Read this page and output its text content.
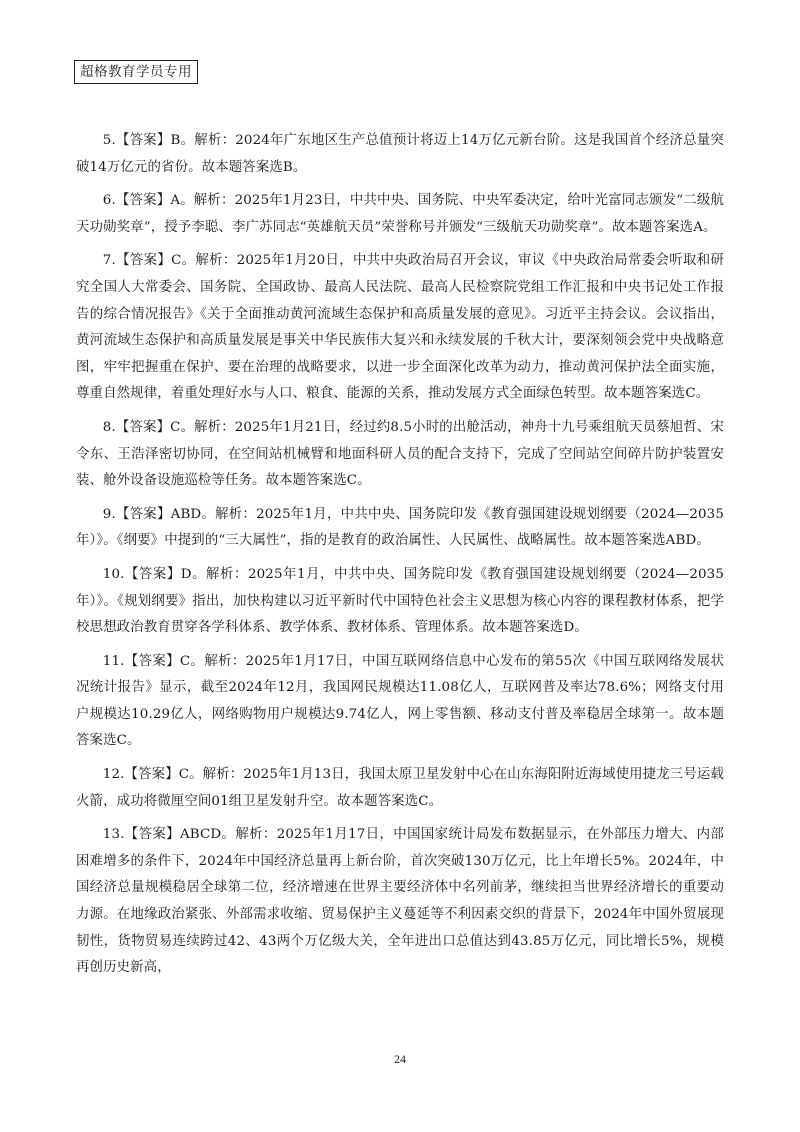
超格教育学员专用

5.【答案】B。解析：2024年广东地区生产总值预计将迈上14万亿元新台阶。这是我国首个经济总量突破14万亿元的省份。故本题答案选B。

6.【答案】A。解析：2025年1月23日，中共中央、国务院、中央军委决定，给叶光富同志颁发“二级航天功勋奖章”，授予李聪、李广苏同志“英雄航天员”荣誉称号并颁发“三级航天功勋奖章”。故本题答案选A。

7.【答案】C。解析：2025年1月20日，中共中央政治局召开会议，审议《中央政治局常委会听取和研究全国人大常委会、国务院、全国政协、最高人民法院、最高人民检察院党组工作汇报和中央书记处工作报告的综合情况报告》《关于全面推动黄河流域生态保护和高质量发展的意见》。习近平主持会议。会议指出，黄河流域生态保护和高质量发展是事关中华民族伟大复兴和永续发展的千秋大计，要深刻领会党中央战略意图，牢牢把握重在保护、要在治理的战略要求，以进一步全面深化改革为动力，推动黄河保护法全面实施，尊重自然规律，着重处理好水与人口、粮食、能源的关系，推动发展方式全面绿色转型。故本题答案选C。

8.【答案】C。解析：2025年1月21日，经过约8.5小时的出舱活动，神舟十九号乘组航天员蔡旭哲、宋令东、王浩泽密切协同，在空间站机械臂和地面科研人员的配合支持下，完成了空间站空间碎片防护装置安装、舱外设备设施巡检等任务。故本题答案选C。

9.【答案】ABD。解析：2025年1月，中共中央、国务院印发《教育强国建设规划纲要（2024—2035年）》。《纲要》中提到的“三大属性”，指的是教育的政治属性、人民属性、战略属性。故本题答案选ABD。

10.【答案】D。解析：2025年1月，中共中央、国务院印发《教育强国建设规划纲要（2024—2035年）》。《规划纲要》指出，加快构建以习近平新时代中国特色社会主义思想为核心内容的课程教材体系，把学校思想政治教育贯穿各学科体系、教学体系、教材体系、管理体系。故本题答案选D。

11.【答案】C。解析：2025年1月17日，中国互联网络信息中心发布的第55次《中国互联网络发展状况统计报告》显示，截至2024年12月，我国网民规模达11.08亿人，互联网普及率达78.6%；网络支付用户规模达10.29亿人，网络购物用户规模达9.74亿人，网上零售额、移动支付普及率稳居全球第一。故本题答案选C。

12.【答案】C。解析：2025年1月13日，我国太原卫星发射中心在山东海阳附近海域使用捷龙三号运载火箭，成功将微厘空间01组卫星发射升空。故本题答案选C。

13.【答案】ABCD。解析：2025年1月17日，中国国家统计局发布数据显示，在外部压力增大、内部困难增多的条件下，2024年中国经济总量再上新台阶，首次突破130万亿元，比上年增长5%。2024年，中国经济总量规模稳居全球第二位，经济增速在世界主要经济体中名列前茅，继续担当世界经济增长的重要动力源。在地缘政治紧张、外部需求收缩、贸易保护主义蔓延等不利因素交织的背景下，2024年中国外贸展现韧性，货物贸易连续跨过42、43两个万亿级大关，全年进出口总值达到43.85万亿元，同比增长5%，规模再创历史新高，

24
